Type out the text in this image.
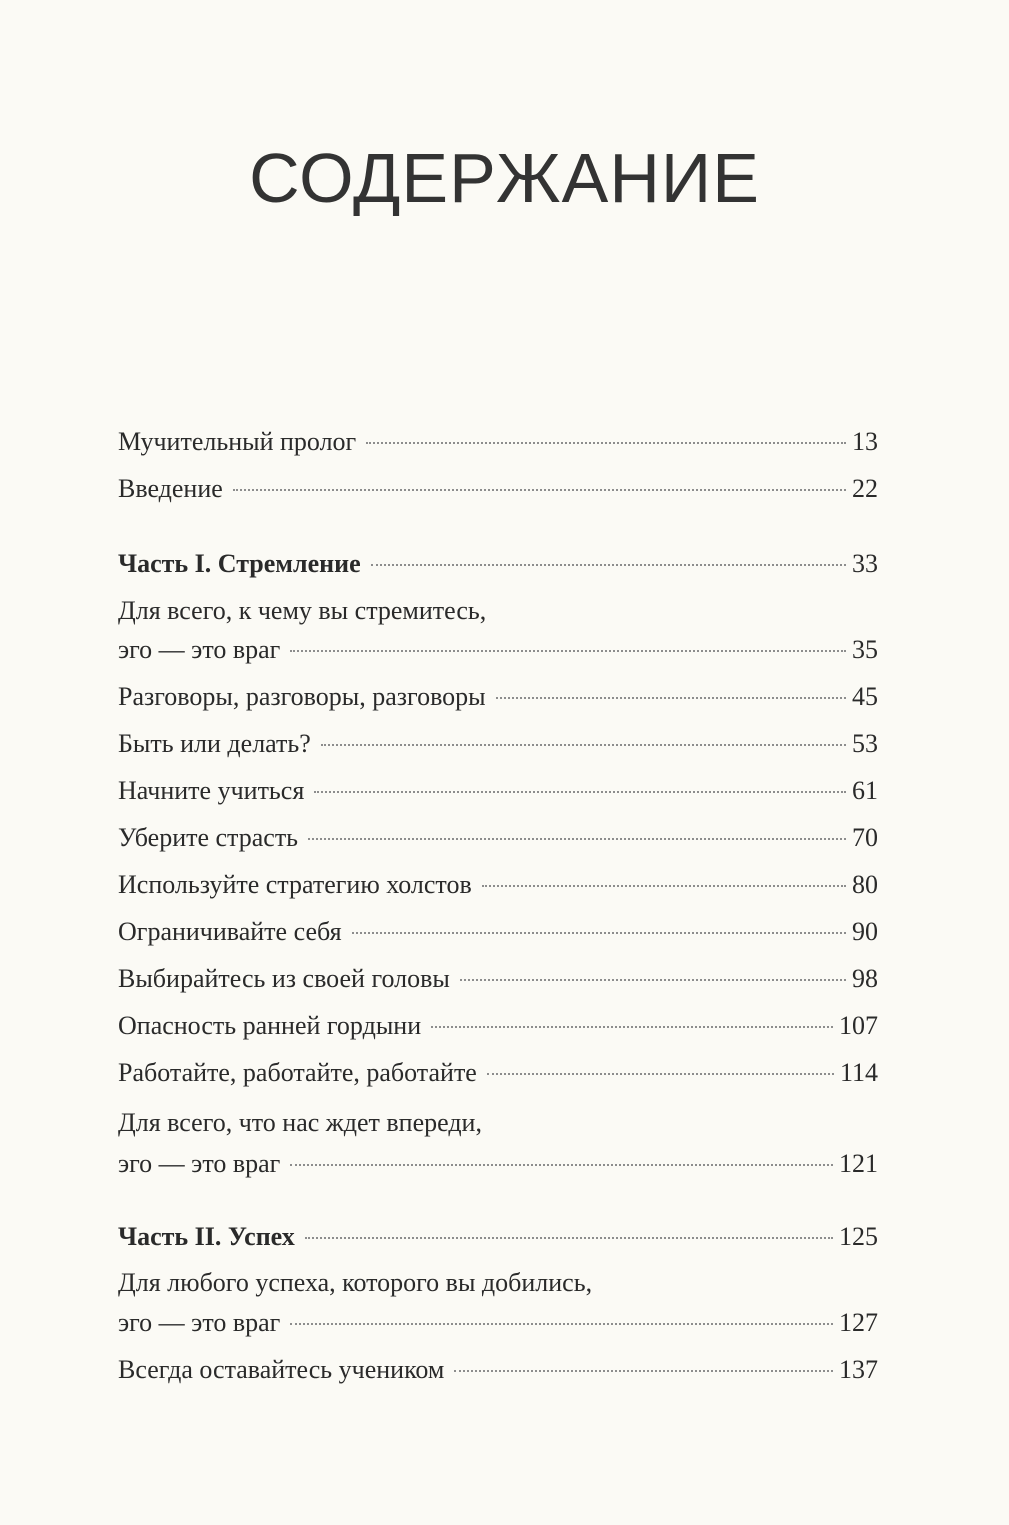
СОДЕРЖАНИЕ
Мучительный пролог	13
Введение	22
Часть I. Стремление	33
Для всего, к чему вы стремитесь,
эго — это враг	35
Разговоры, разговоры, разговоры	45
Быть или делать?	53
Начните учиться	61
Уберите страсть	70
Используйте стратегию холстов	80
Ограничивайте себя	90
Выбирайтесь из своей головы	98
Опасность ранней гордыни	107
Работайте, работайте, работайте	114
Для всего, что нас ждет впереди,
эго — это враг	121
Часть II. Успех	125
Для любого успеха, которого вы добились,
эго — это враг	127
Всегда оставайтесь учеником	137
